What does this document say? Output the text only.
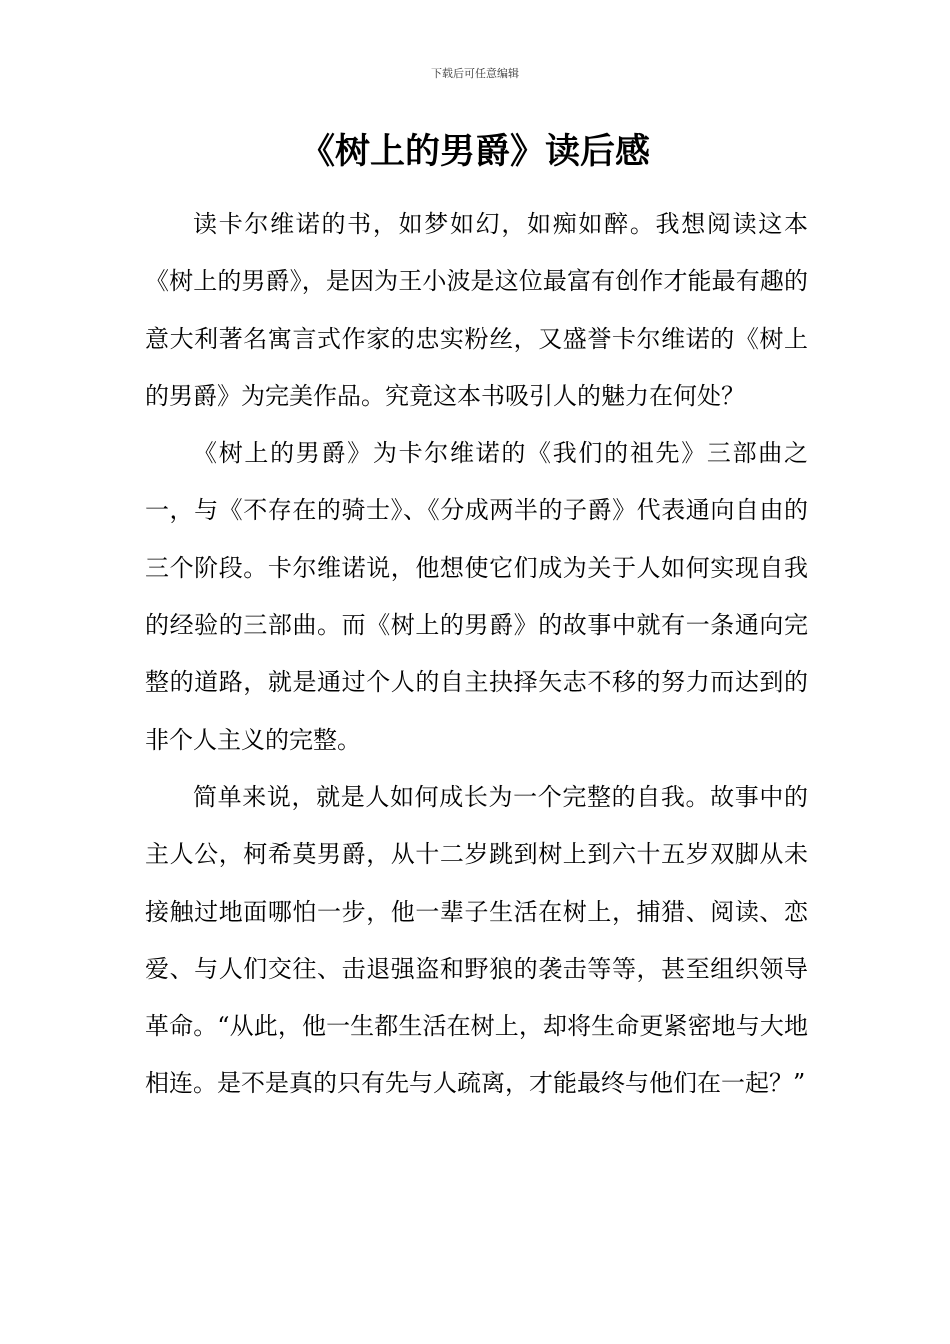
下载后可任意编辑
《树上的男爵》读后感

读卡尔维诺的书，如梦如幻，如痴如醉。我想阅读这本《树上的男爵》，是因为王小波是这位最富有创作才能最有趣的意大利著名寓言式作家的忠实粉丝，又盛誉卡尔维诺的《树上的男爵》为完美作品。究竟这本书吸引人的魅力在何处？

《树上的男爵》为卡尔维诺的《我们的祖先》三部曲之一，与《不存在的骑士》、《分成两半的子爵》代表通向自由的三个阶段。卡尔维诺说，他想使它们成为关于人如何实现自我的经验的三部曲。而《树上的男爵》的故事中就有一条通向完整的道路，就是通过个人的自主抉择矢志不移的努力而达到的非个人主义的完整。

简单来说，就是人如何成长为一个完整的自我。故事中的主人公，柯希莫男爵，从十二岁跳到树上到六十五岁双脚从未接触过地面哪怕一步，他一辈子生活在树上，捕猎、阅读、恋爱、与人们交往、击退强盗和野狼的袭击等等，甚至组织领导革命。“从此，他一生都生活在树上，却将生命更紧密地与大地相连。是不是真的只有先与人疏离，才能最终与他们在一起？”
